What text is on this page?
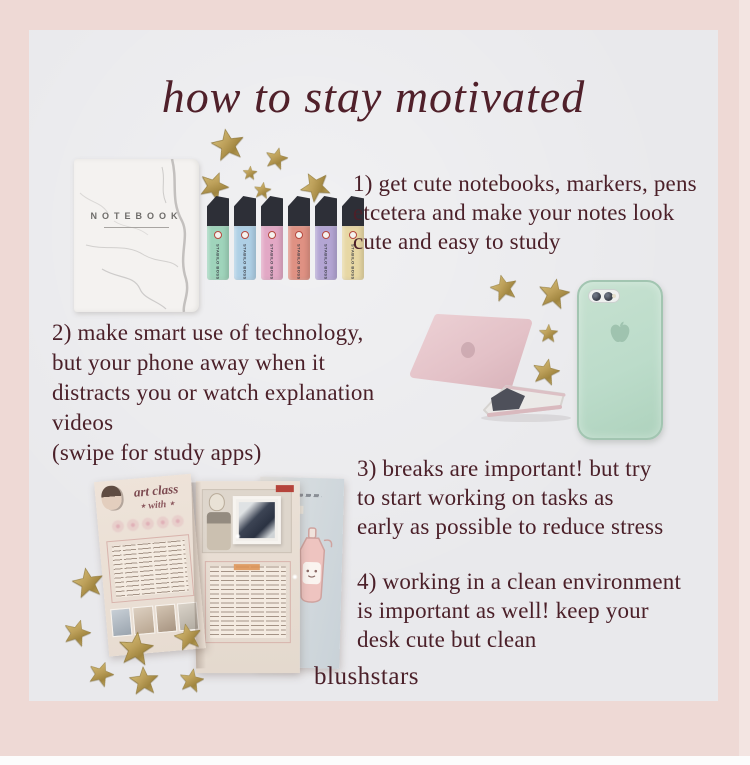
how to stay motivated
NOTEBOOK
STABILO BOSS	STABILO BOSS	STABILO BOSS	STABILO BOSS	STABILO BOSS	STABILO BOSS
1) get cute notebooks, markers, pens
etcetera and make your notes look
cute and easy to study
2) make smart use of technology,
but your phone away when it
distracts you or watch explanation
videos
(swipe for study apps)
3) breaks are important! but try
to start working on tasks as
early as possible to reduce stress
4) working in a clean environment
is important as well! keep your
desk cute but clean
art class
⋆ with ⋆
blushstars
